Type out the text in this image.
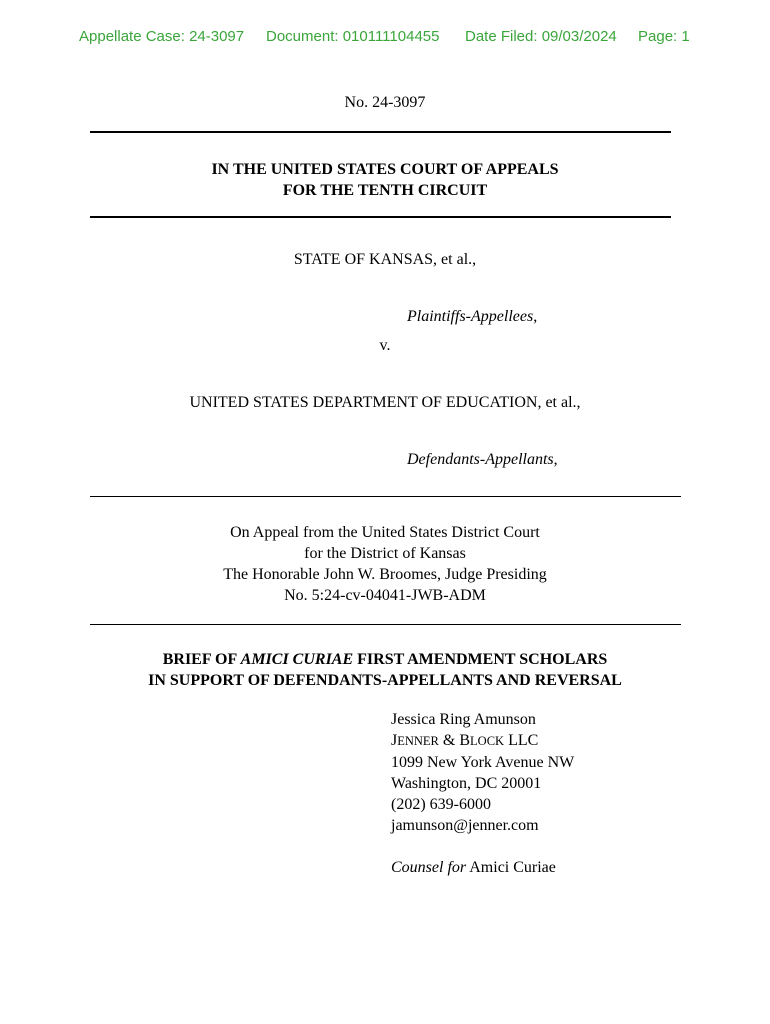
Appellate Case: 24-3097 Document: 010111104455 Date Filed: 09/03/2024 Page: 1
No. 24-3097
IN THE UNITED STATES COURT OF APPEALS
FOR THE TENTH CIRCUIT
STATE OF KANSAS, et al.,
Plaintiffs-Appellees,
v.
UNITED STATES DEPARTMENT OF EDUCATION, et al.,
Defendants-Appellants,
On Appeal from the United States District Court
for the District of Kansas
The Honorable John W. Broomes, Judge Presiding
No. 5:24-cv-04041-JWB-ADM
BRIEF OF AMICI CURIAE FIRST AMENDMENT SCHOLARS
IN SUPPORT OF DEFENDANTS-APPELLANTS AND REVERSAL
Jessica Ring Amunson
JENNER & BLOCK LLC
1099 New York Avenue NW
Washington, DC 20001
(202) 639-6000
jamunson@jenner.com
Counsel for Amici Curiae
